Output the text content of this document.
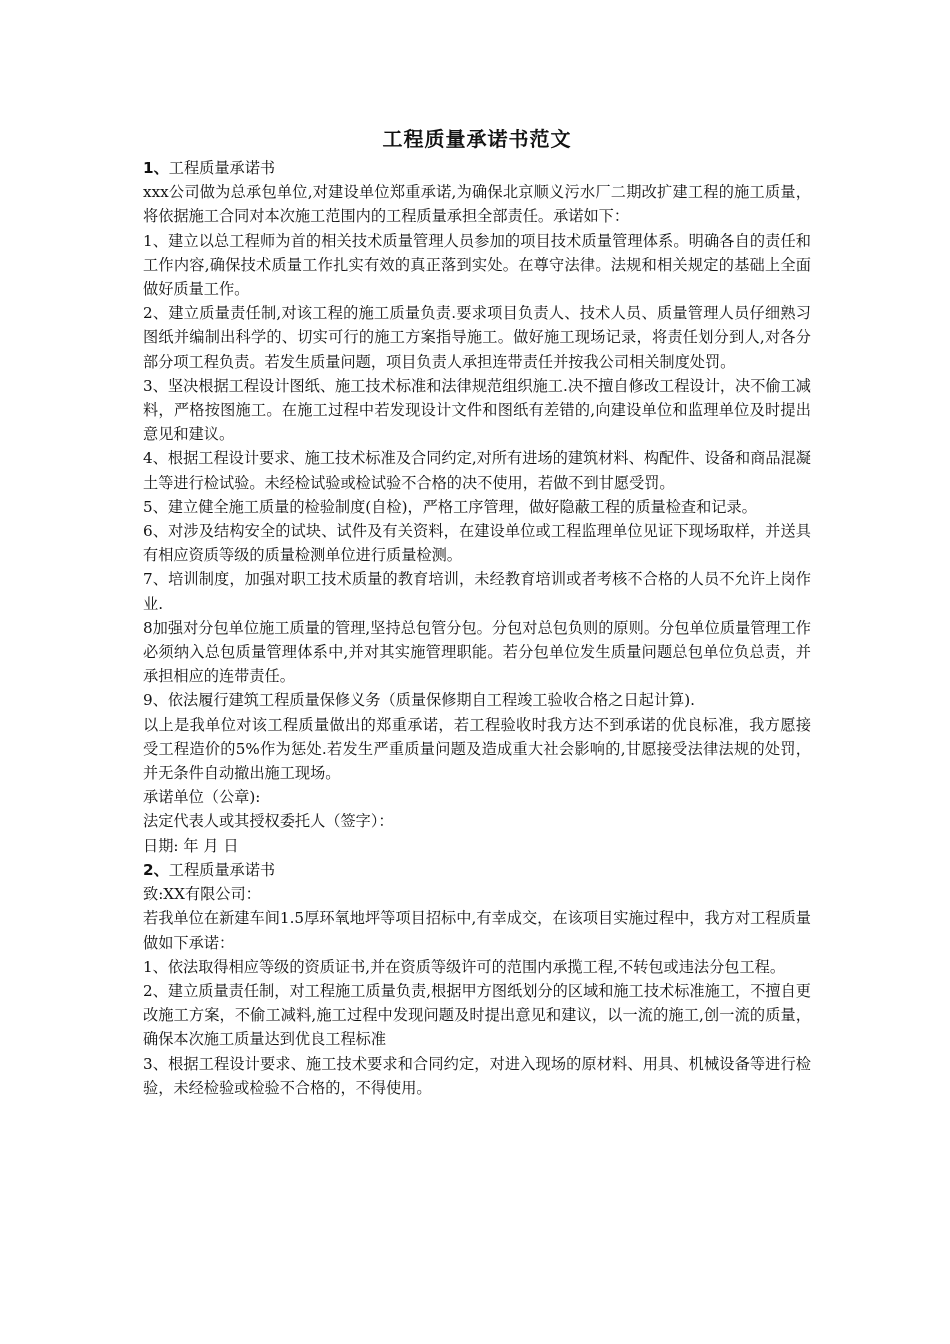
工程质量承诺书范文
1、工程质量承诺书

xxx公司做为总承包单位,对建设单位郑重承诺,为确保北京顺义污水厂二期改扩建工程的施工质量，将依据施工合同对本次施工范围内的工程质量承担全部责任。承诺如下：

1、建立以总工程师为首的相关技术质量管理人员参加的项目技术质量管理体系。明确各自的责任和工作内容,确保技术质量工作扎实有效的真正落到实处。在尊守法律。法规和相关规定的基础上全面做好质量工作。

2、建立质量责任制,对该工程的施工质量负责.要求项目负责人、技术人员、质量管理人员仔细熟习图纸并编制出科学的、切实可行的施工方案指导施工。做好施工现场记录，将责任划分到人,对各分部分项工程负责。若发生质量问题，项目负责人承担连带责任并按我公司相关制度处罚。

3、坚决根据工程设计图纸、施工技术标准和法律规范组织施工.决不擅自修改工程设计，决不偷工减料，严格按图施工。在施工过程中若发现设计文件和图纸有差错的,向建设单位和监理单位及时提出意见和建议。

4、根据工程设计要求、施工技术标准及合同约定,对所有进场的建筑材料、构配件、设备和商品混凝土等进行检试验。未经检试验或检试验不合格的决不使用，若做不到甘愿受罚。

5、建立健全施工质量的检验制度(自检)，严格工序管理，做好隐蔽工程的质量检查和记录。

6、对涉及结构安全的试块、试件及有关资料，在建设单位或工程监理单位见证下现场取样，并送具有相应资质等级的质量检测单位进行质量检测。

7、培训制度，加强对职工技术质量的教育培训，未经教育培训或者考核不合格的人员不允许上岗作业.

8加强对分包单位施工质量的管理,坚持总包管分包。分包对总包负则的原则。分包单位质量管理工作必须纳入总包质量管理体系中,并对其实施管理职能。若分包单位发生质量问题总包单位负总责，并承担相应的连带责任。

9、依法履行建筑工程质量保修义务（质量保修期自工程竣工验收合格之日起计算).

以上是我单位对该工程质量做出的郑重承诺，若工程验收时我方达不到承诺的优良标准，我方愿接受工程造价的5%作为惩处.若发生严重质量问题及造成重大社会影响的,甘愿接受法律法规的处罚，并无条件自动撤出施工现场。

承诺单位（公章):

法定代表人或其授权委托人（签字）：

日期: 年 月 日

2、工程质量承诺书

致:XX有限公司：

若我单位在新建车间1.5厚环氧地坪等项目招标中,有幸成交，在该项目实施过程中，我方对工程质量做如下承诺：

1、依法取得相应等级的资质证书,并在资质等级许可的范围内承揽工程,不转包或违法分包工程。

2、建立质量责任制，对工程施工质量负责,根据甲方图纸划分的区域和施工技术标准施工，不擅自更改施工方案，不偷工减料,施工过程中发现问题及时提出意见和建议，以一流的施工,创一流的质量，确保本次施工质量达到优良工程标准

3、根据工程设计要求、施工技术要求和合同约定，对进入现场的原材料、用具、机械设备等进行检验，未经检验或检验不合格的，不得使用。
